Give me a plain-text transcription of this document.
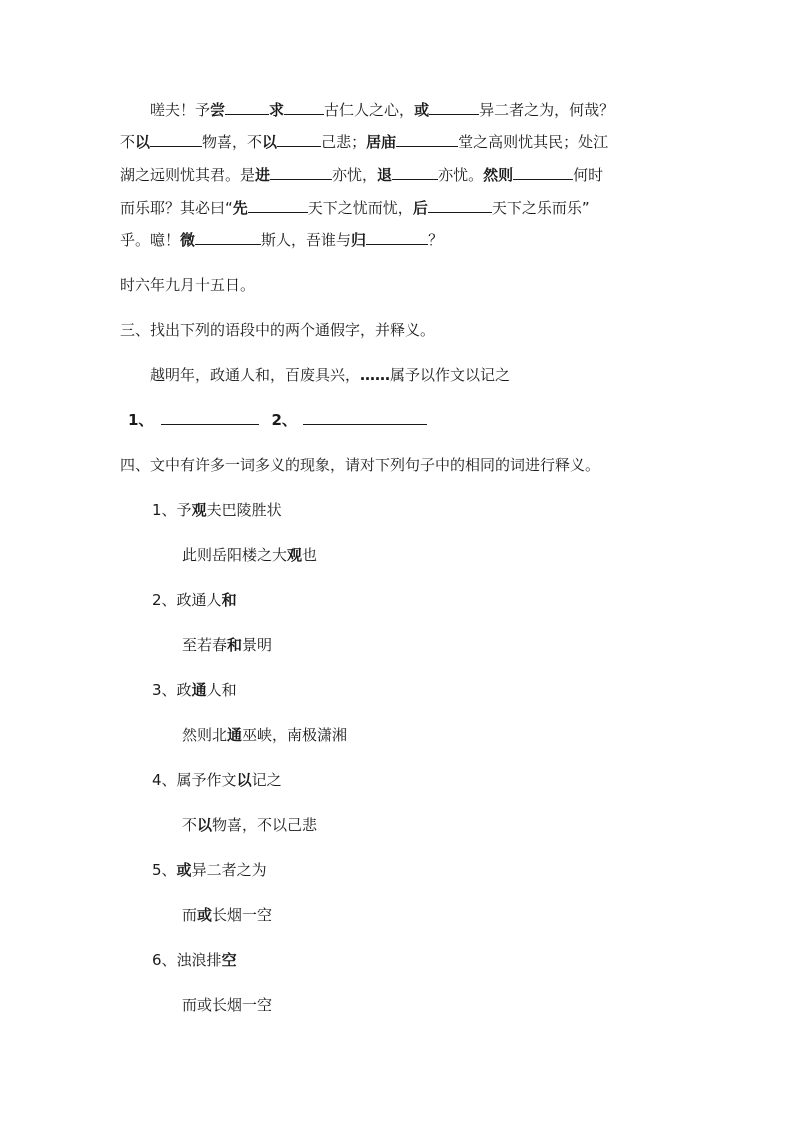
嗟夫！予尝	求	古仁人之心，或	异二者之为，何哉？
不以	物喜，不以	己悲；居庙	堂之高则忧其民；处江
湖之远则忧其君。是进	亦忧，退	亦忧。然则	何时
而乐耶？其必曰“先	天下之忧而忧，后	天下之乐而乐”
乎。噫！微	斯人，吾谁与归	？
时六年九月十五日。
三、找出下列的语段中的两个通假字，并释义。
越明年，政通人和，百废具兴，……属予以作文以记之
1、	2、
四、文中有许多一词多义的现象，请对下列句子中的相同的词进行释义。
1、予观夫巴陵胜状
此则岳阳楼之大观也
2、政通人和
至若春和景明
3、政通人和
然则北通巫峡，南极潇湘
4、属予作文以记之
不以物喜，不以己悲
5、或异二者之为
而或长烟一空
6、浊浪排空
而或长烟一空
